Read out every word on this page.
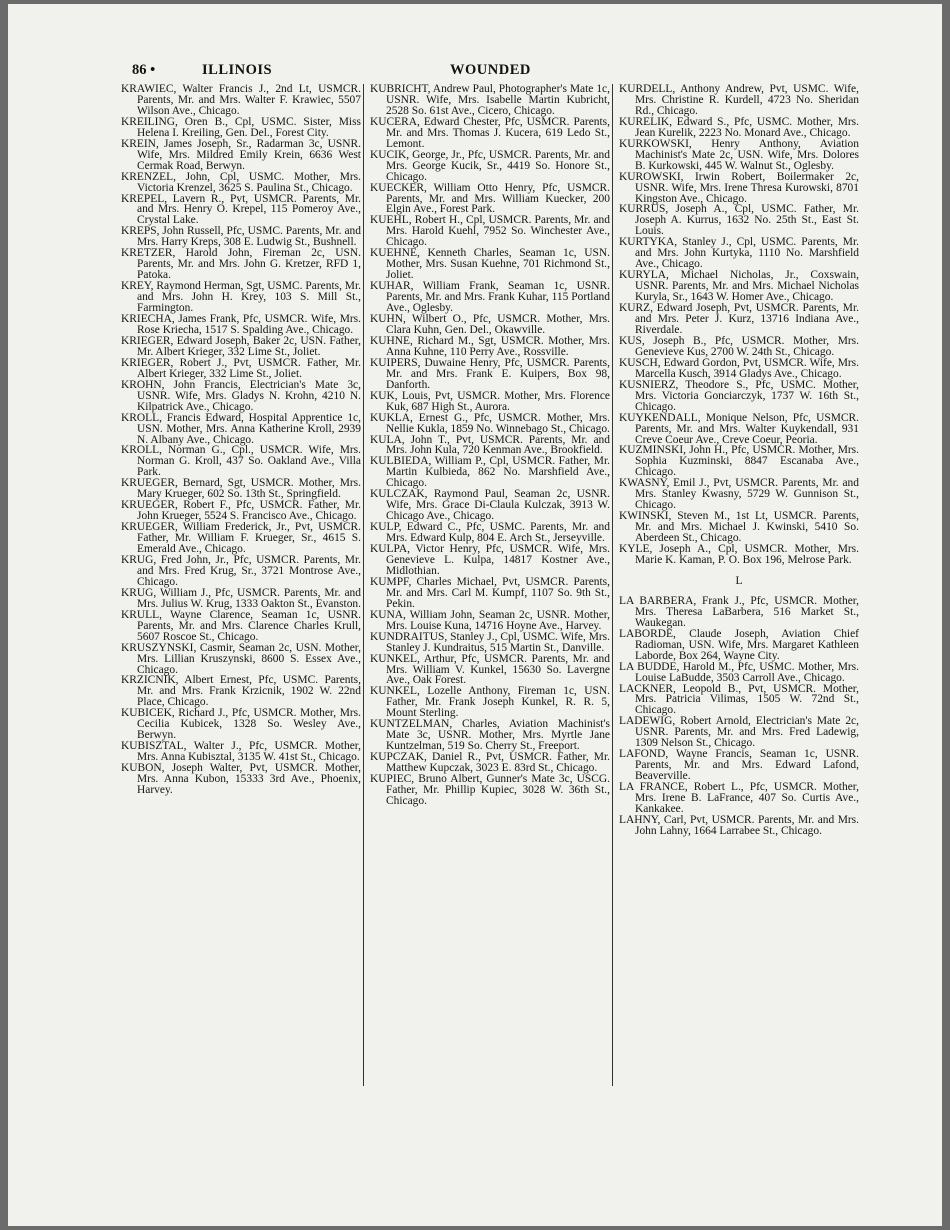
86 •	ILLINOIS	WOUNDED
KRAWIEC, Walter Francis J., 2nd Lt, USMCR. Parents, Mr. and Mrs. Walter F. Krawiec, 5507 Wilson Ave., Chicago.
KREILING, Oren B., Cpl, USMC. Sister, Miss Helena I. Kreiling, Gen. Del., Forest City.
KREIN, James Joseph, Sr., Radarman 3c, USNR. Wife, Mrs. Mildred Emily Krein, 6636 West Cermak Road, Berwyn.
KRENZEL, John, Cpl, USMC. Mother, Mrs. Victoria Krenzel, 3625 S. Paulina St., Chicago.
KREPEL, Lavern R., Pvt, USMCR. Parents, Mr. and Mrs. Henry O. Krepel, 115 Pomeroy Ave., Crystal Lake.
KREPS, John Russell, Pfc, USMC. Parents, Mr. and Mrs. Harry Kreps, 308 E. Ludwig St., Bushnell.
KRETZER, Harold John, Fireman 2c, USN. Parents, Mr. and Mrs. John G. Kretzer, RFD 1, Patoka.
KREY, Raymond Herman, Sgt, USMC. Parents, Mr. and Mrs. John H. Krey, 103 S. Mill St., Farmington.
KRIECHA, James Frank, Pfc, USMCR. Wife, Mrs. Rose Kriecha, 1517 S. Spalding Ave., Chicago.
KRIEGER, Edward Joseph, Baker 2c, USN. Father, Mr. Albert Krieger, 332 Lime St., Joliet.
KRIEGER, Robert J., Pvt, USMCR. Father, Mr. Albert Krieger, 332 Lime St., Joliet.
KROHN, John Francis, Electrician's Mate 3c, USNR. Wife, Mrs. Gladys N. Krohn, 4210 N. Kilpatrick Ave., Chicago.
KROLL, Francis Edward, Hospital Apprentice 1c, USN. Mother, Mrs. Anna Katherine Kroll, 2939 N. Albany Ave., Chicago.
KROLL, Norman G., Cpl., USMCR. Wife, Mrs. Norman G. Kroll, 437 So. Oakland Ave., Villa Park.
KRUEGER, Bernard, Sgt, USMCR. Mother, Mrs. Mary Krueger, 602 So. 13th St., Springfield.
KRUEGER, Robert F., Pfc, USMCR. Father, Mr. John Krueger, 5524 S. Francisco Ave., Chicago.
KRUEGER, William Frederick, Jr., Pvt, USMCR. Father, Mr. William F. Krueger, Sr., 4615 S. Emerald Ave., Chicago.
KRUG, Fred John, Jr., Pfc, USMCR. Parents, Mr. and Mrs. Fred Krug, Sr., 3721 Montrose Ave., Chicago.
KRUG, William J., Pfc, USMCR. Parents, Mr. and Mrs. Julius W. Krug, 1333 Oakton St., Evanston.
KRULL, Wayne Clarence, Seaman 1c, USNR. Parents, Mr. and Mrs. Clarence Charles Krull, 5607 Roscoe St., Chicago.
KRUSZYNSKI, Casmir, Seaman 2c, USN. Mother, Mrs. Lillian Kruszynski, 8600 S. Essex Ave., Chicago.
KRZICNIK, Albert Ernest, Pfc, USMC. Parents, Mr. and Mrs. Frank Krzicnik, 1902 W. 22nd Place, Chicago.
KUBICEK, Richard J., Pfc, USMCR. Mother, Mrs. Cecilia Kubicek, 1328 So. Wesley Ave., Berwyn.
KUBISZTAL, Walter J., Pfc, USMCR. Mother, Mrs. Anna Kubisztal, 3135 W. 41st St., Chicago.
KUBON, Joseph Walter, Pvt, USMCR. Mother, Mrs. Anna Kubon, 15333 3rd Ave., Phoenix, Harvey.
KUBRICHT, Andrew Paul, Photographer's Mate 1c, USNR. Wife, Mrs. Isabelle Martin Kubricht, 2528 So. 61st Ave., Cicero, Chicago.
KUCERA, Edward Chester, Pfc, USMCR. Parents, Mr. and Mrs. Thomas J. Kucera, 619 Ledo St., Lemont.
KUCIK, George, Jr., Pfc, USMCR. Parents, Mr. and Mrs. George Kucik, Sr., 4419 So. Honore St., Chicago.
KUECKER, William Otto Henry, Pfc, USMCR. Parents, Mr. and Mrs. William Kuecker, 200 Elgin Ave., Forest Park.
KUEHL, Robert H., Cpl, USMCR. Parents, Mr. and Mrs. Harold Kuehl, 7952 So. Winchester Ave., Chicago.
KUEHNE, Kenneth Charles, Seaman 1c, USN. Mother, Mrs. Susan Kuehne, 701 Richmond St., Joliet.
KUHAR, William Frank, Seaman 1c, USNR. Parents, Mr. and Mrs. Frank Kuhar, 115 Portland Ave., Oglesby.
KUHN, Wilbert O., Pfc, USMCR. Mother, Mrs. Clara Kuhn, Gen. Del., Okawville.
KUHNE, Richard M., Sgt, USMCR. Mother, Mrs. Anna Kuhne, 110 Perry Ave., Rossville.
KUIPERS, Duwaine Henry, Pfc, USMCR. Parents, Mr. and Mrs. Frank E. Kuipers, Box 98, Danforth.
KUK, Louis, Pvt, USMCR. Mother, Mrs. Florence Kuk, 687 High St., Aurora.
KUKLA, Ernest G., Pfc, USMCR. Mother, Mrs. Nellie Kukla, 1859 No. Winnebago St., Chicago.
KULA, John T., Pvt, USMCR. Parents, Mr. and Mrs. John Kula, 720 Kenman Ave., Brookfield.
KULBIEDA, William P., Cpl, USMCR. Father, Mr. Martin Kulbieda, 862 No. Marshfield Ave., Chicago.
KULCZAK, Raymond Paul, Seaman 2c, USNR. Wife, Mrs. Grace Di-Claula Kulczak, 3913 W. Chicago Ave., Chicago.
KULP, Edward C., Pfc, USMC. Parents, Mr. and Mrs. Edward Kulp, 804 E. Arch St., Jerseyville.
KULPA, Victor Henry, Pfc, USMCR. Wife, Mrs. Genevieve L. Kulpa, 14817 Kostner Ave., Midlothian.
KUMPF, Charles Michael, Pvt, USMCR. Parents, Mr. and Mrs. Carl M. Kumpf, 1107 So. 9th St., Pekin.
KUNA, William John, Seaman 2c, USNR. Mother, Mrs. Louise Kuna, 14716 Hoyne Ave., Harvey.
KUNDRAITUS, Stanley J., Cpl, USMC. Wife, Mrs. Stanley J. Kundraitus, 515 Martin St., Danville.
KUNKEL, Arthur, Pfc, USMCR. Parents, Mr. and Mrs. William V. Kunkel, 15630 So. Lavergne Ave., Oak Forest.
KUNKEL, Lozelle Anthony, Fireman 1c, USN. Father, Mr. Frank Joseph Kunkel, R. R. 5, Mount Sterling.
KUNTZELMAN, Charles, Aviation Machinist's Mate 3c, USNR. Mother, Mrs. Myrtle Jane Kuntzelman, 519 So. Cherry St., Freeport.
KUPCZAK, Daniel R., Pvt, USMCR. Father, Mr. Matthew Kupczak, 3023 E. 83rd St., Chicago.
KUPIEC, Bruno Albert, Gunner's Mate 3c, USCG. Father, Mr. Phillip Kupiec, 3028 W. 36th St., Chicago.
KURDELL, Anthony Andrew, Pvt, USMC. Wife, Mrs. Christine R. Kurdell, 4723 No. Sheridan Rd., Chicago.
KURELIK, Edward S., Pfc, USMC. Mother, Mrs. Jean Kurelik, 2223 No. Monard Ave., Chicago.
KURKOWSKI, Henry Anthony, Aviation Machinist's Mate 2c, USN. Wife, Mrs. Dolores B. Kurkowski, 445 W. Walnut St., Oglesby.
KUROWSKI, Irwin Robert, Boilermaker 2c, USNR. Wife, Mrs. Irene Thresa Kurowski, 8701 Kingston Ave., Chicago.
KURRUS, Joseph A., Cpl, USMC. Father, Mr. Joseph A. Kurrus, 1632 No. 25th St., East St. Louis.
KURTYKA, Stanley J., Cpl, USMC. Parents, Mr. and Mrs. John Kurtyka, 1110 No. Marshfield Ave., Chicago.
KURYLA, Michael Nicholas, Jr., Coxswain, USNR. Parents, Mr. and Mrs. Michael Nicholas Kuryla, Sr., 1643 W. Homer Ave., Chicago.
KURZ, Edward Joseph, Pvt, USMCR. Parents, Mr. and Mrs. Peter J. Kurz, 13716 Indiana Ave., Riverdale.
KUS, Joseph B., Pfc, USMCR. Mother, Mrs. Genevieve Kus, 2700 W. 24th St., Chicago.
KUSCH, Edward Gordon, Pvt, USMCR. Wife, Mrs. Marcella Kusch, 3914 Gladys Ave., Chicago.
KUSNIERZ, Theodore S., Pfc, USMC. Mother, Mrs. Victoria Gonciarczyk, 1737 W. 16th St., Chicago.
KUYKENDALL, Monique Nelson, Pfc, USMCR. Parents, Mr. and Mrs. Walter Kuykendall, 931 Creve Coeur Ave., Creve Coeur, Peoria.
KUZMINSKI, John H., Pfc, USMCR. Mother, Mrs. Sophia Kuzminski, 8847 Escanaba Ave., Chicago.
KWASNY, Emil J., Pvt, USMCR. Parents, Mr. and Mrs. Stanley Kwasny, 5729 W. Gunnison St., Chicago.
KWINSKI, Steven M., 1st Lt, USMCR. Parents, Mr. and Mrs. Michael J. Kwinski, 5410 So. Aberdeen St., Chicago.
KYLE, Joseph A., Cpl, USMCR. Mother, Mrs. Marie K. Kaman, P. O. Box 196, Melrose Park.
L
LA BARBERA, Frank J., Pfc, USMCR. Mother, Mrs. Theresa LaBarbera, 516 Market St., Waukegan.
LABORDE, Claude Joseph, Aviation Chief Radioman, USN. Wife, Mrs. Margaret Kathleen Laborde, Box 264, Wayne City.
LA BUDDE, Harold M., Pfc, USMC. Mother, Mrs. Louise LaBudde, 3503 Carroll Ave., Chicago.
LACKNER, Leopold B., Pvt, USMCR. Mother, Mrs. Patricia Vilimas, 1505 W. 72nd St., Chicago.
LADEWIG, Robert Arnold, Electrician's Mate 2c, USNR. Parents, Mr. and Mrs. Fred Ladewig, 1309 Nelson St., Chicago.
LAFOND, Wayne Francis, Seaman 1c, USNR. Parents, Mr. and Mrs. Edward Lafond, Beaverville.
LA FRANCE, Robert L., Pfc, USMCR. Mother, Mrs. Irene B. LaFrance, 407 So. Curtis Ave., Kankakee.
LAHNY, Carl, Pvt, USMCR. Parents, Mr. and Mrs. John Lahny, 1664 Larrabee St., Chicago.
